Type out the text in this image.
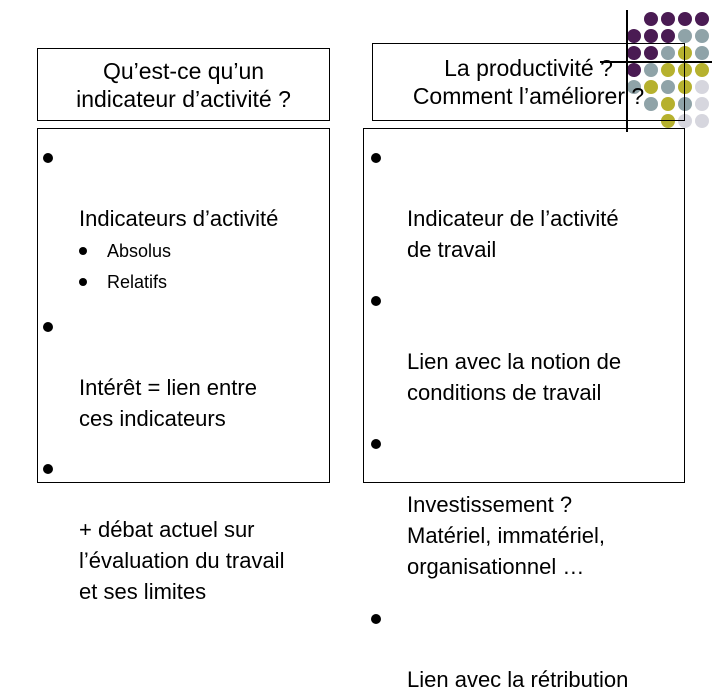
Qu’est-ce qu’un
indicateur d’activité ?
La productivité ?
Comment l’améliorer ?

Indicateurs d’activité

Absolus
Relatifs

Intérêt = lien entre
ces indicateurs

+ débat actuel sur
l’évaluation du travail
et ses limites

Indicateur de l’activité
de travail

Lien avec la notion de
conditions de travail

Investissement ?
Matériel, immatériel,
organisationnel …

Lien avec la rétribution
